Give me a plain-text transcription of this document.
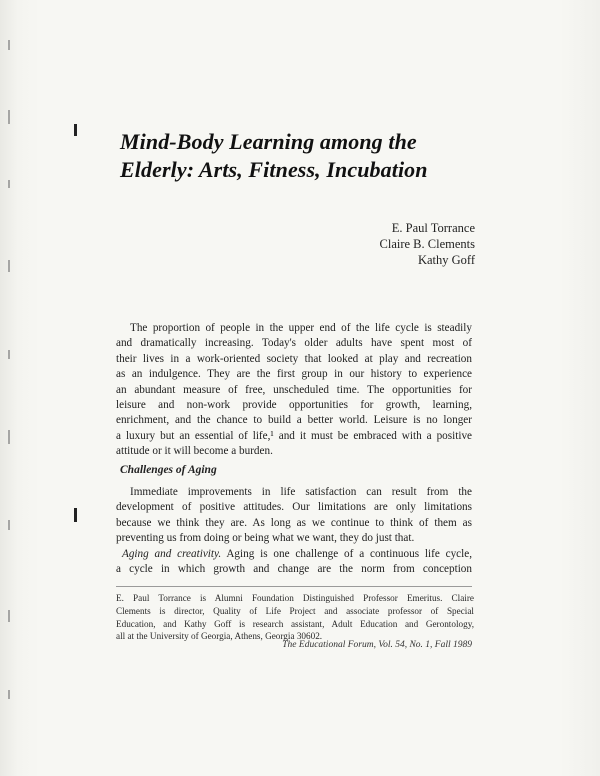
Mind-Body Learning among the
Elderly: Arts, Fitness, Incubation
E. Paul Torrance
Claire B. Clements
Kathy Goff
The proportion of people in the upper end of the life cycle is steadily
and dramatically increasing. Today's older adults have spent most of
their lives in a work-oriented society that looked at play and recreation
as an indulgence. They are the first group in our history to experience
an abundant measure of free, unscheduled time. The opportunities for
leisure and non-work provide opportunities for growth, learning,
enrichment, and the chance to build a better world. Leisure is no longer
a luxury but an essential of life,¹ and it must be embraced with a positive
attitude or it will become a burden.
Challenges of Aging
Immediate improvements in life satisfaction can result from the
development of positive attitudes. Our limitations are only limitations
because we think they are. As long as we continue to think of them as
preventing us from doing or being what we want, they do just that.
Aging and creativity. Aging is one challenge of a continuous life cycle,
a cycle in which growth and change are the norm from conception
E. Paul Torrance is Alumni Foundation Distinguished Professor Emeritus. Claire
Clements is director, Quality of Life Project and associate professor of Special
Education, and Kathy Goff is research assistant, Adult Education and Gerontology,
all at the University of Georgia, Athens, Georgia 30602.
The Educational Forum, Vol. 54, No. 1, Fall 1989
